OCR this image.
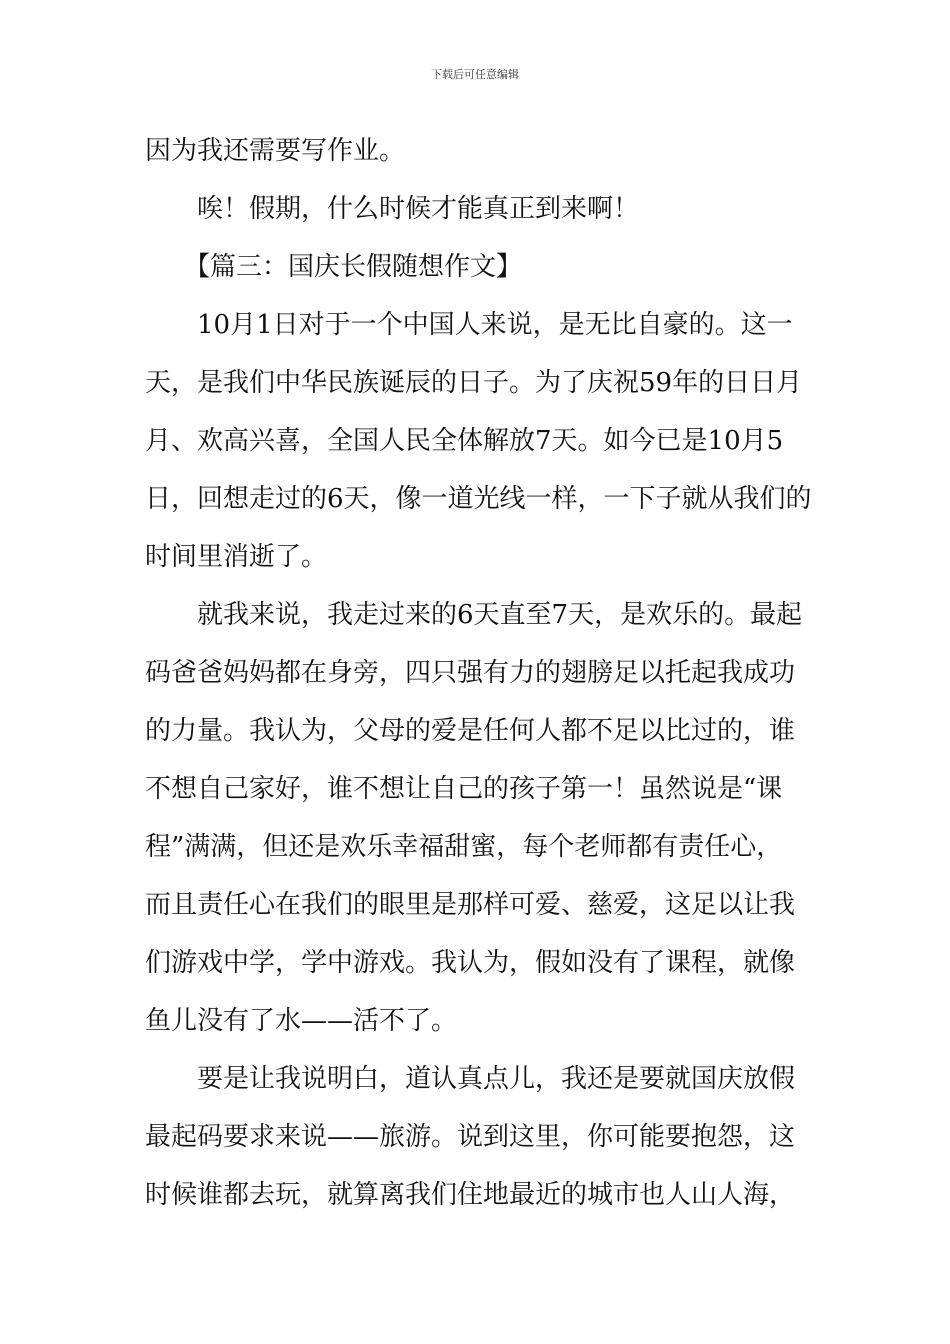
下载后可任意编辑
因为我还需要写作业。
　　唉！假期，什么时候才能真正到来啊！
　　【篇三：国庆长假随想作文】
　　10月1日对于一个中国人来说，是无比自豪的。这一
天，是我们中华民族诞辰的日子。为了庆祝59年的日日月
月、欢高兴喜，全国人民全体解放7天。如今已是10月5
日，回想走过的6天，像一道光线一样，一下子就从我们的
时间里消逝了。
　　就我来说，我走过来的6天直至7天，是欢乐的。最起
码爸爸妈妈都在身旁，四只强有力的翅膀足以托起我成功
的力量。我认为，父母的爱是任何人都不足以比过的，谁
不想自己家好，谁不想让自己的孩子第一！虽然说是“课
程”满满，但还是欢乐幸福甜蜜，每个老师都有责任心，
而且责任心在我们的眼里是那样可爱、慈爱，这足以让我
们游戏中学，学中游戏。我认为，假如没有了课程，就像
鱼儿没有了水——活不了。
　　要是让我说明白，道认真点儿，我还是要就国庆放假
最起码要求来说——旅游。说到这里，你可能要抱怨，这
时候谁都去玩，就算离我们住地最近的城市也人山人海，
